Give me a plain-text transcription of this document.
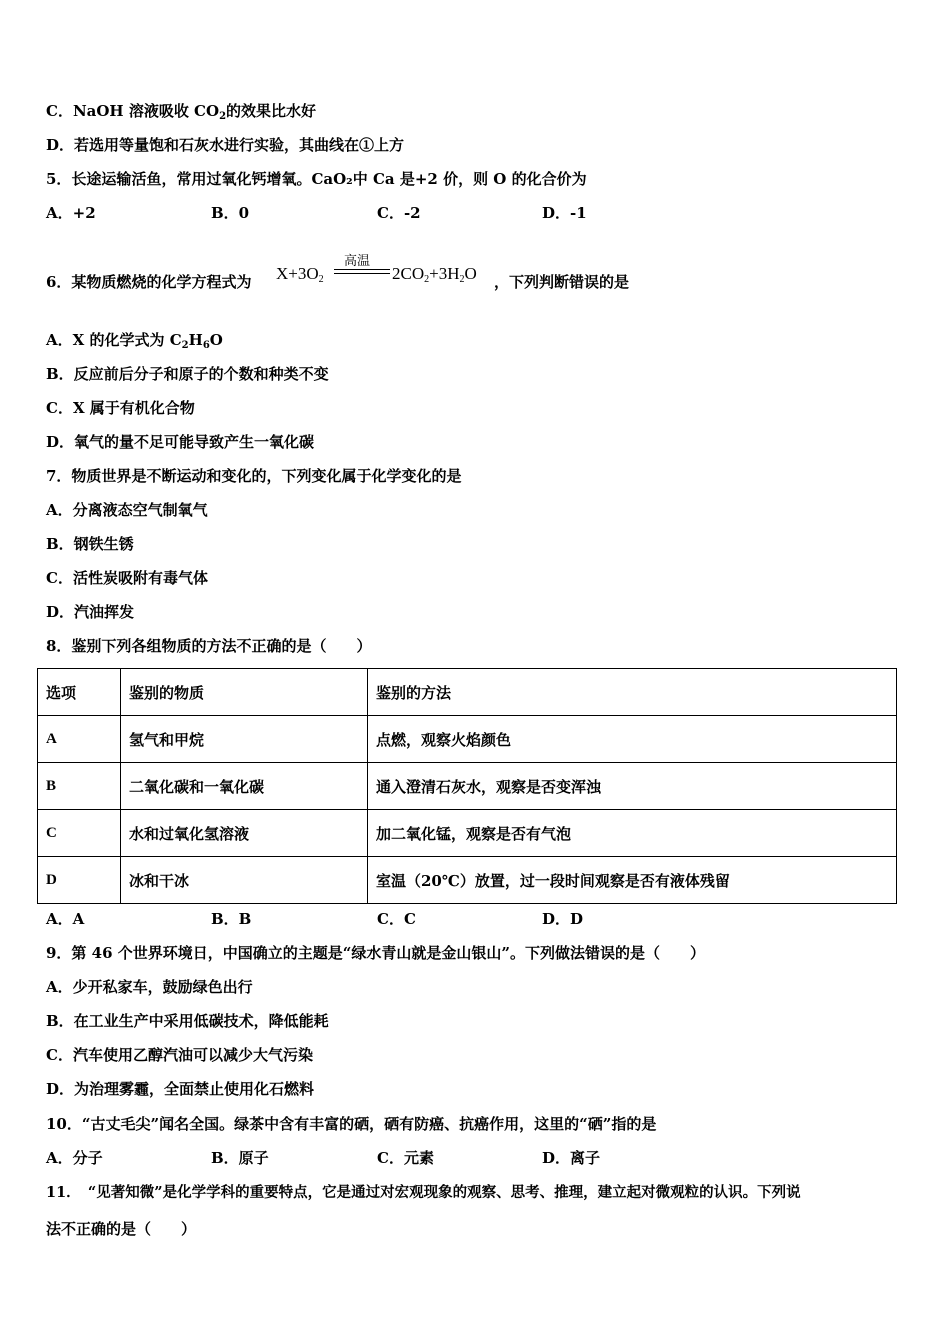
C．NaOH 溶液吸收 $CO_2$的效果比水好
D．若选用等量饱和石灰水进行实验，其曲线在①上方
5．长途运输活鱼，常用过氧化钙增氧。CaO₂中 Ca 是+2 价，则 O 的化合价为
A．+2	B．0	C．-2	D．-1
6．某物质燃烧的化学方程式为 $X+3O_2$
高温
$2CO_2+3H_2O$ ，下列判断错误的是
A．X 的化学式为 $C_2H_6O$
B．反应前后分子和原子的个数和种类不变
C．X 属于有机化合物
D．氧气的量不足可能导致产生一氧化碳
7．物质世界是不断运动和变化的，下列变化属于化学变化的是
A．分离液态空气制氧气
B．钢铁生锈
C．活性炭吸附有毒气体
D．汽油挥发
8．鉴别下列各组物质的方法不正确的是（　　）
选项	鉴别的物质	鉴别的方法
A	氢气和甲烷	点燃，观察火焰颜色
B	二氧化碳和一氧化碳	通入澄清石灰水，观察是否变浑浊
C	水和过氧化氢溶液	加二氧化锰，观察是否有气泡
D	冰和干冰	室温（20℃）放置，过一段时间观察是否有液体残留
A．A	B．B	C．C	D．D
9．第 46 个世界环境日，中国确立的主题是“绿水青山就是金山银山”。下列做法错误的是（　　）
A．少开私家车，鼓励绿色出行
B．在工业生产中采用低碳技术，降低能耗
C．汽车使用乙醇汽油可以减少大气污染
D．为治理雾霾，全面禁止使用化石燃料
10．“古丈毛尖”闻名全国。绿茶中含有丰富的硒，硒有防癌、抗癌作用，这里的“硒”指的是
A．分子	B．原子	C．元素	D．离子
11．　“见著知微”是化学学科的重要特点，它是通过对宏观现象的观察、思考、推理，建立起对微观粒的认识。下列说
法不正确的是（　　）
